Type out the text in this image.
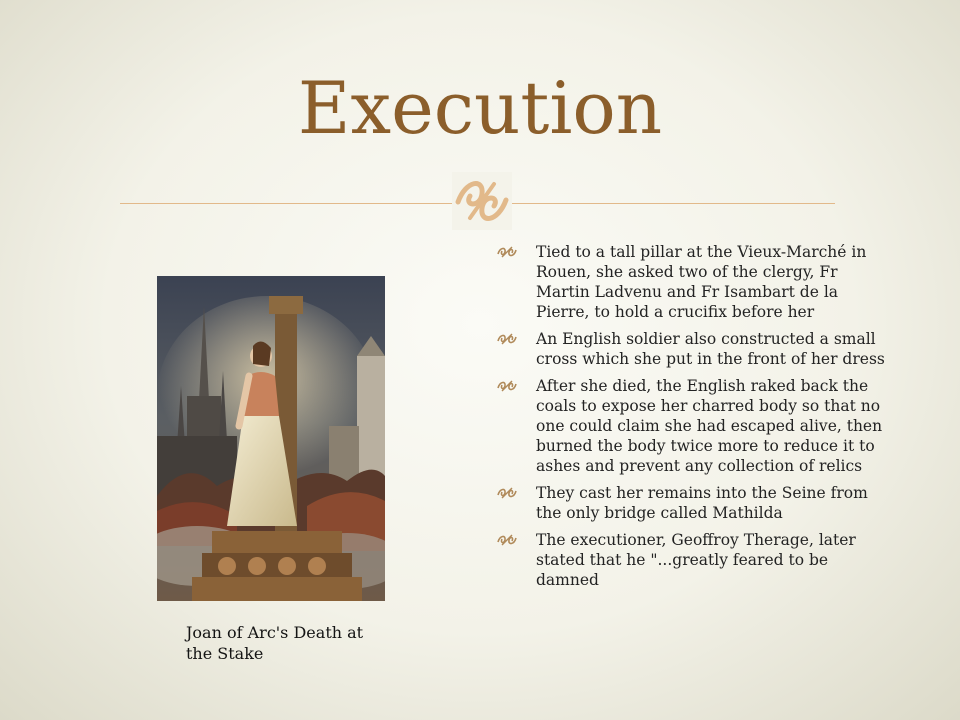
Execution
Joan of Arc's Death at the Stake
Tied to a tall pillar at the Vieux-Marché in Rouen, she asked two of the clergy, Fr Martin Ladvenu and Fr Isambart de la Pierre, to hold a crucifix before her
An English soldier also constructed a small cross which she put in the front of her dress
After she died, the English raked back the coals to expose her charred body so that no one could claim she had escaped alive, then burned the body twice more to reduce it to ashes and prevent any collection of relics
They cast her remains into the Seine from the only bridge called Mathilda
The executioner, Geoffroy Therage, later stated that he "...greatly feared to be damned
